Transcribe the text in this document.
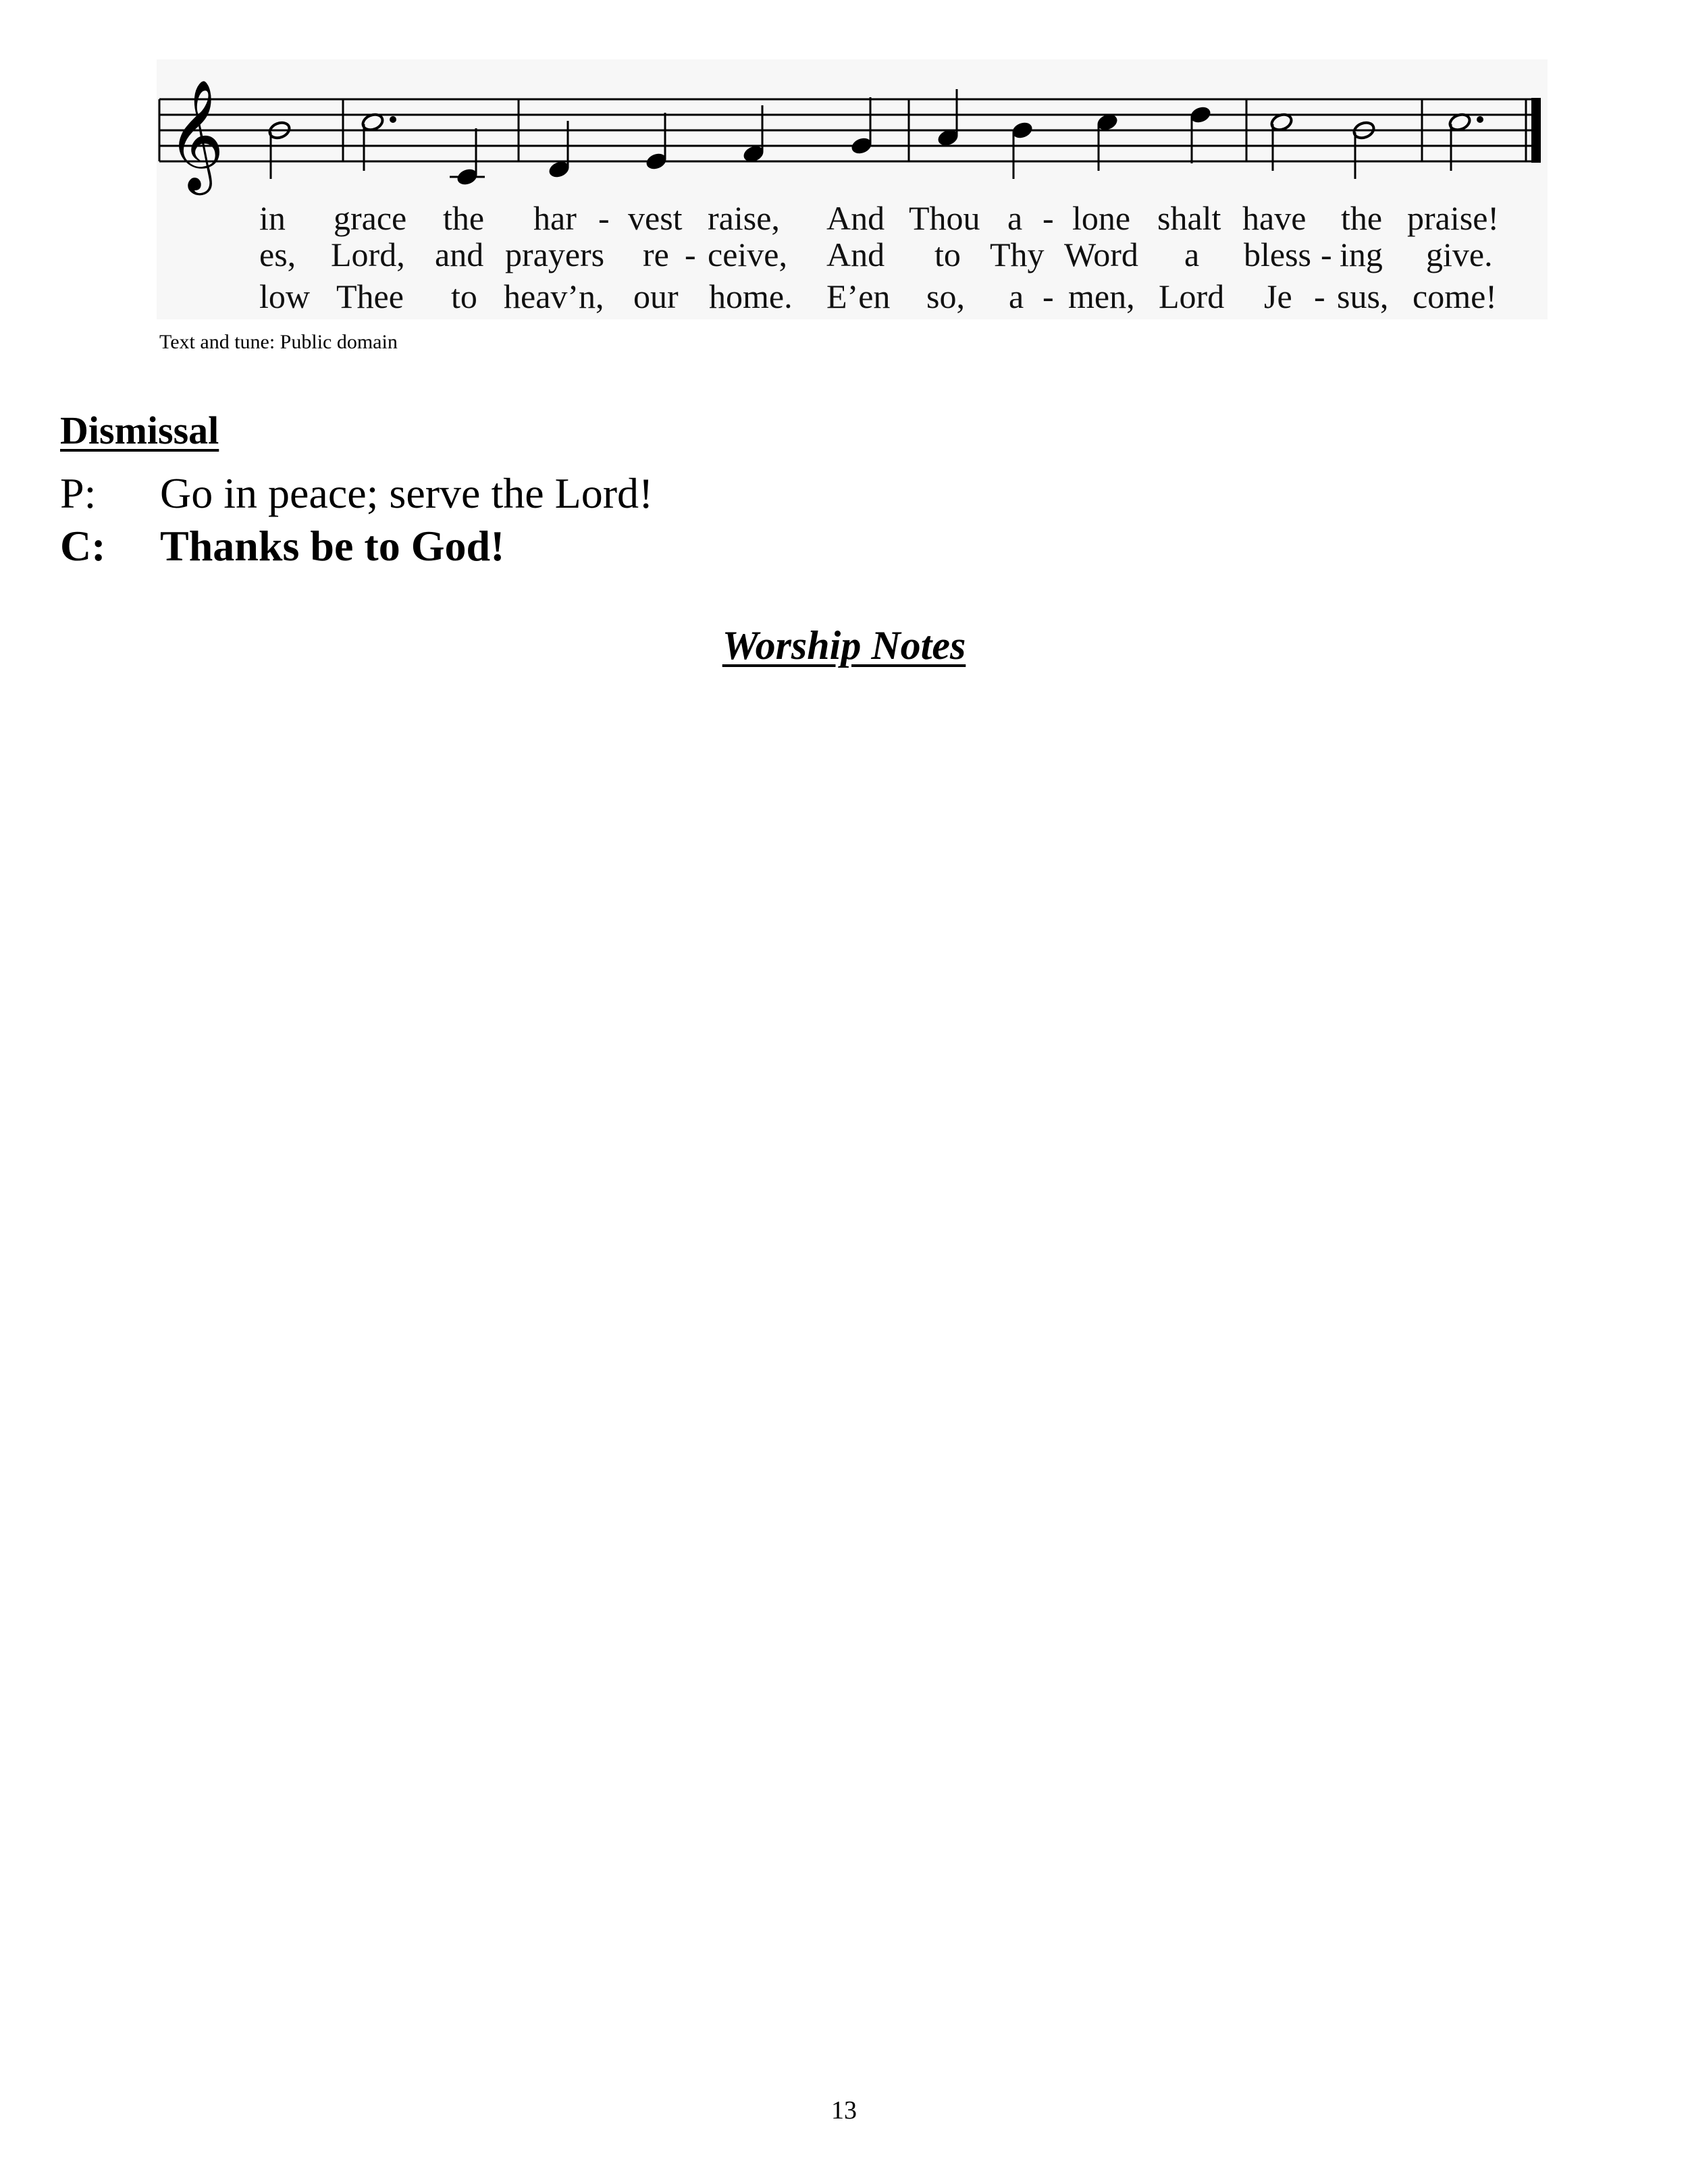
𝄞
in grace the har - vest raise, And Thou a - lone shalt have the praise!
es, Lord, and prayers re - ceive, And to Thy Word a bless - ing give.
low Thee to heav’n, our home. E’en so, a - men, Lord Je - sus, come!
Text and tune: Public domain
Dismissal
P: Go in peace; serve the Lord!
C: Thanks be to God!
Worship Notes
13
